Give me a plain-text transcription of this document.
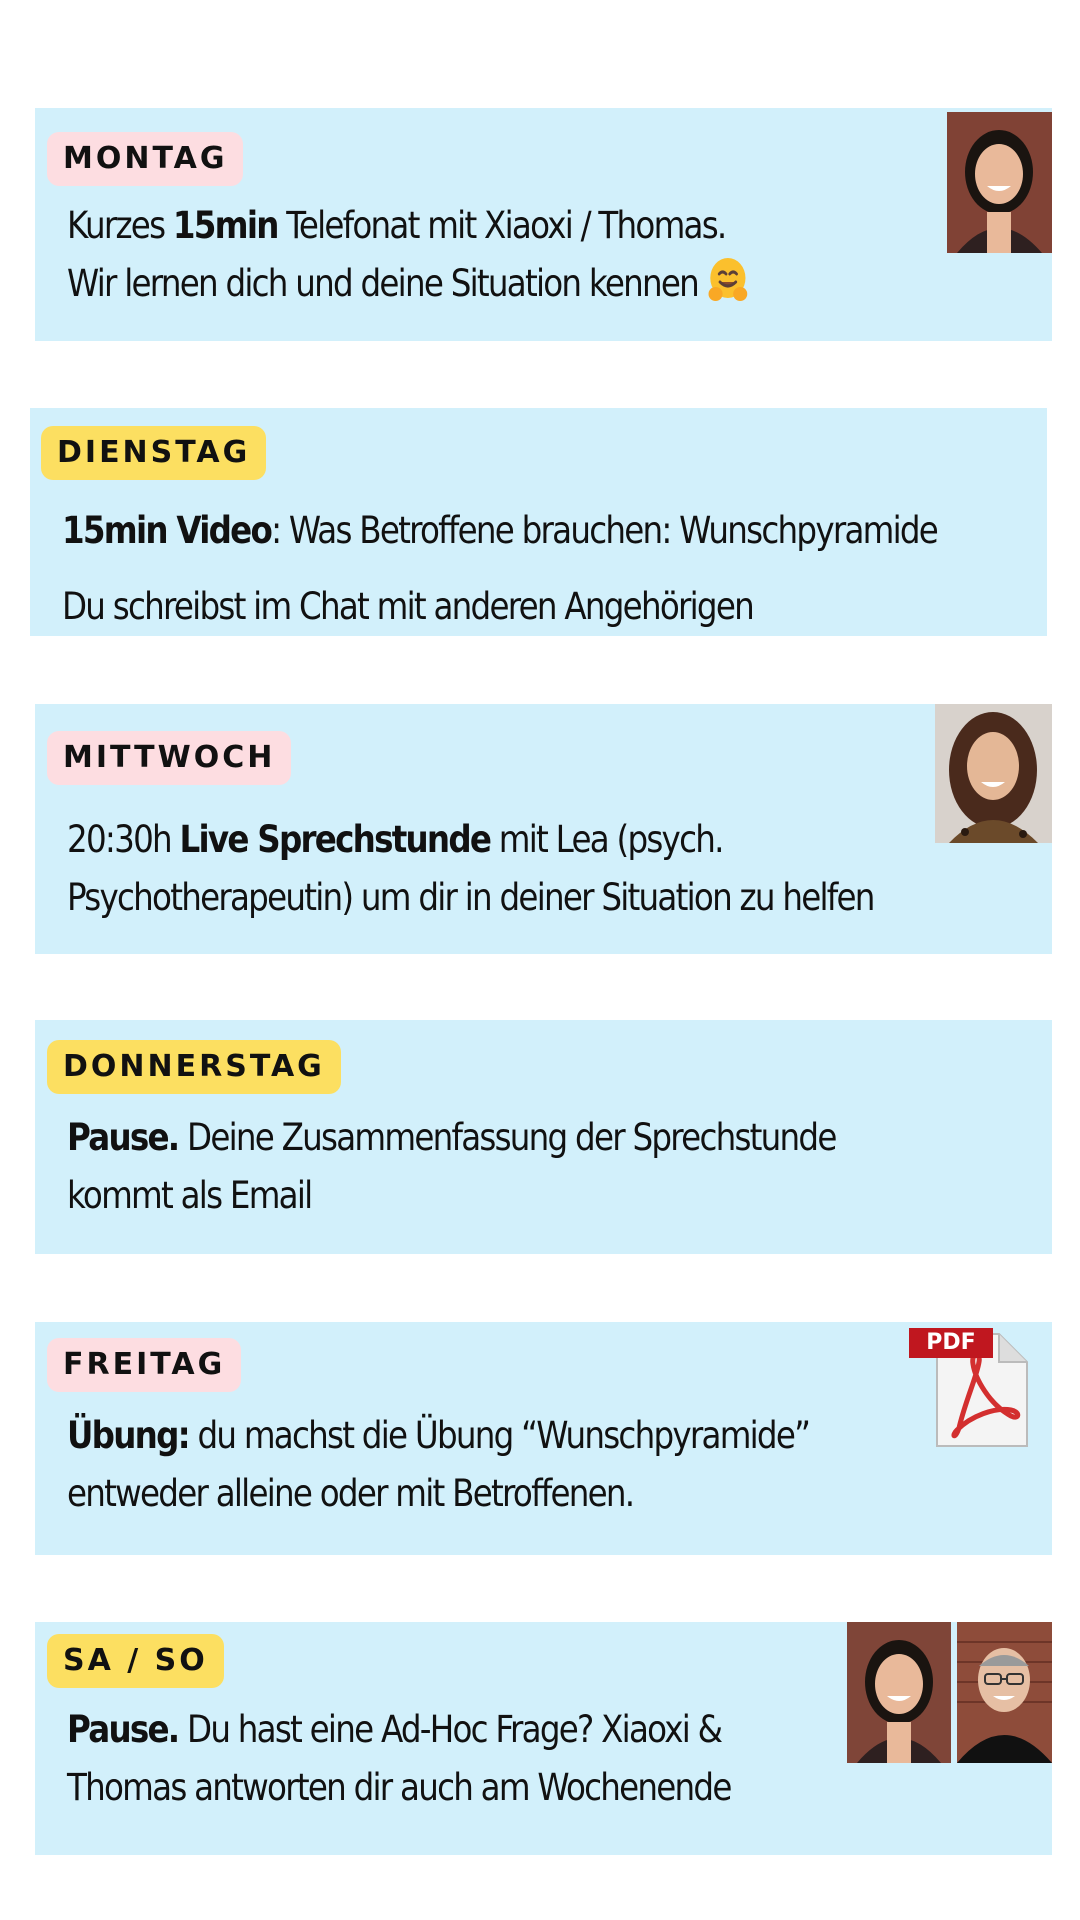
MONTAG
Kurzes 15min Telefonat mit Xiaoxi / Thomas.
Wir lernen dich und deine Situation kennen
DIENSTAG
15min Video: Was Betroffene brauchen: Wunschpyramide
Du schreibst im Chat mit anderen Angehörigen
MITTWOCH
20:30h Live Sprechstunde mit Lea (psych.
Psychotherapeutin) um dir in deiner Situation zu helfen
DONNERSTAG
Pause. Deine Zusammenfassung der Sprechstunde
kommt als Email
FREITAG
Übung: du machst die Übung “Wunschpyramide”
entweder alleine oder mit Betroffenen.
PDF
SA / SO
Pause. Du hast eine Ad-Hoc Frage? Xiaoxi &
Thomas antworten dir auch am Wochenende
